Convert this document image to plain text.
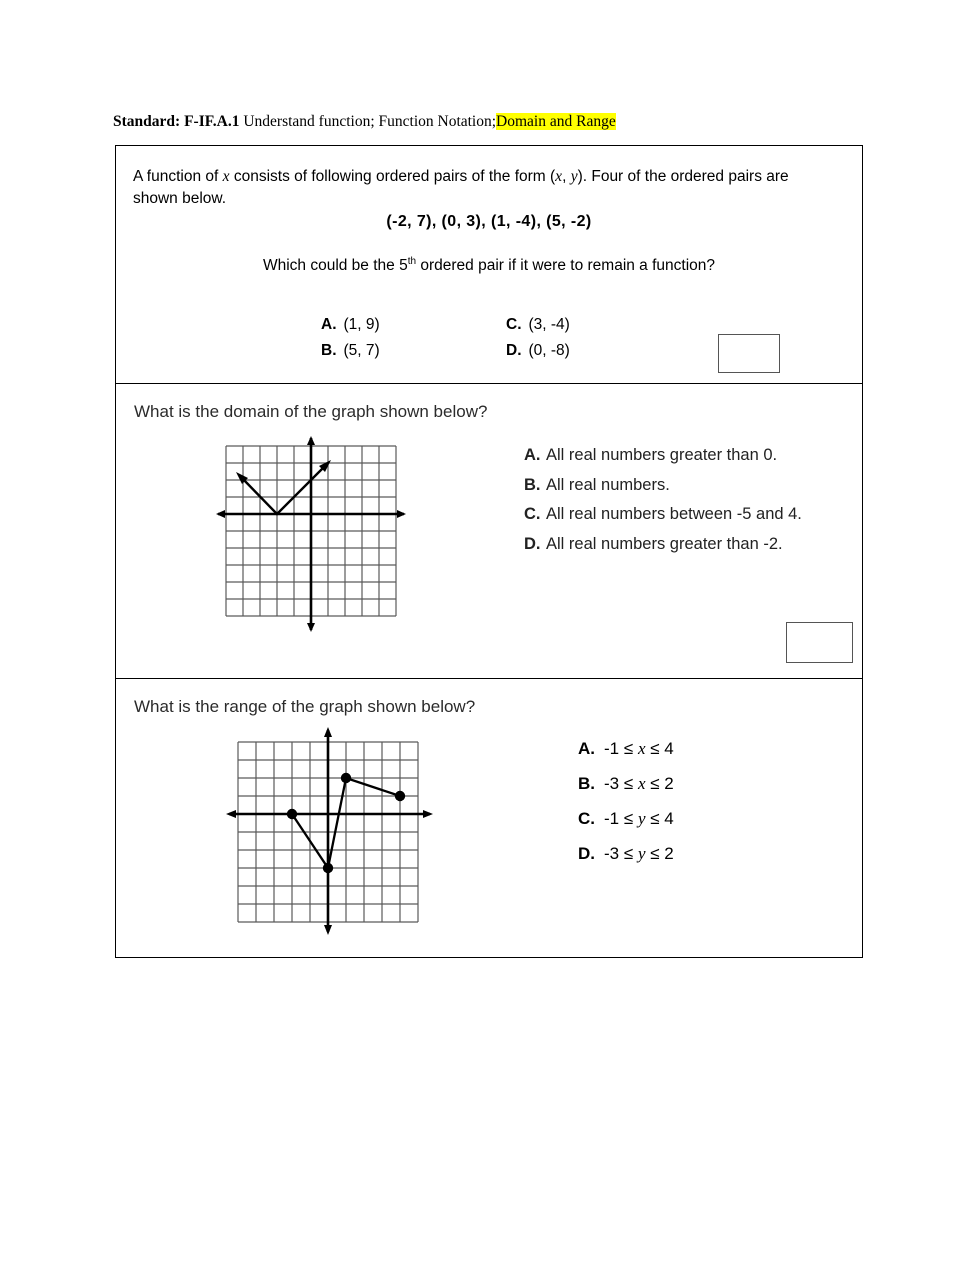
Standard: F-IF.A.1 Understand function; Function Notation;Domain and Range
A function of x consists of following ordered pairs of the form (x, y). Four of the ordered pairs are shown below.
(-2, 7), (0, 3), (1, -4), (5, -2)
Which could be the 5th ordered pair if it were to remain a function?
A. (1, 9)	C. (3, -4)
B. (5, 7)	D. (0, -8)
What is the domain of the graph shown below?
A. All real numbers greater than 0.
B. All real numbers.
C. All real numbers between -5 and 4.
D. All real numbers greater than -2.
What is the range of the graph shown below?
A. -1 ≤ x ≤ 4
B. -3 ≤ x ≤ 2
C. -1 ≤ y ≤ 4
D. -3 ≤ y ≤ 2
